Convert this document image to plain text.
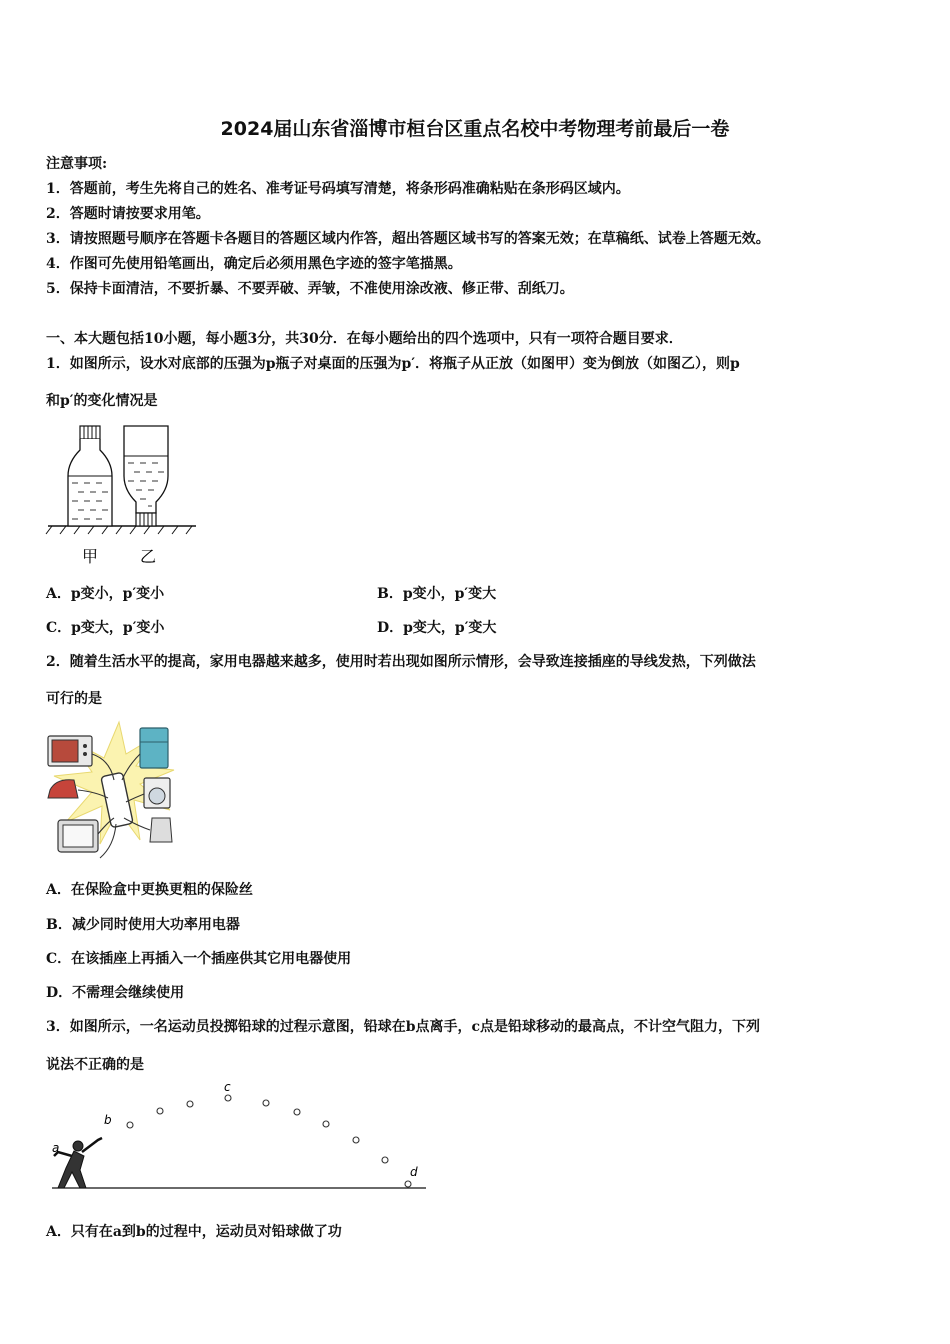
2024届山东省淄博市桓台区重点名校中考物理考前最后一卷
注意事项:
1．答题前，考生先将自己的姓名、准考证号码填写清楚，将条形码准确粘贴在条形码区域内。
2．答题时请按要求用笔。
3．请按照题号顺序在答题卡各题目的答题区域内作答，超出答题区域书写的答案无效；在草稿纸、试卷上答题无效。
4．作图可先使用铅笔画出，确定后必须用黑色字迹的签字笔描黑。
5．保持卡面清洁，不要折暴、不要弄破、弄皱，不准使用涂改液、修正带、刮纸刀。
一、本大题包括10小题，每小题3分，共30分．在每小题给出的四个选项中，只有一项符合题目要求．
1．如图所示，设水对底部的压强为p瓶子对桌面的压强为p′．将瓶子从正放（如图甲）变为倒放（如图乙），则p
和p′的变化情况是
甲	乙
A．p变小，p′变小	B．p变小，p′变大
C．p变大，p′变小	D．p变大，p′变大
2．随着生活水平的提高，家用电器越来越多，使用时若出现如图所示情形，会导致连接插座的导线发热，下列做法
可行的是
A．在保险盒中更换更粗的保险丝
B．减少同时使用大功率用电器
C．在该插座上再插入一个插座供其它用电器使用
D．不需理会继续使用
3．如图所示，一名运动员投掷铅球的过程示意图，铅球在b点离手，c点是铅球移动的最高点，不计空气阻力，下列
说法不正确的是
a
b
c
d
A．只有在a到b的过程中，运动员对铅球做了功
